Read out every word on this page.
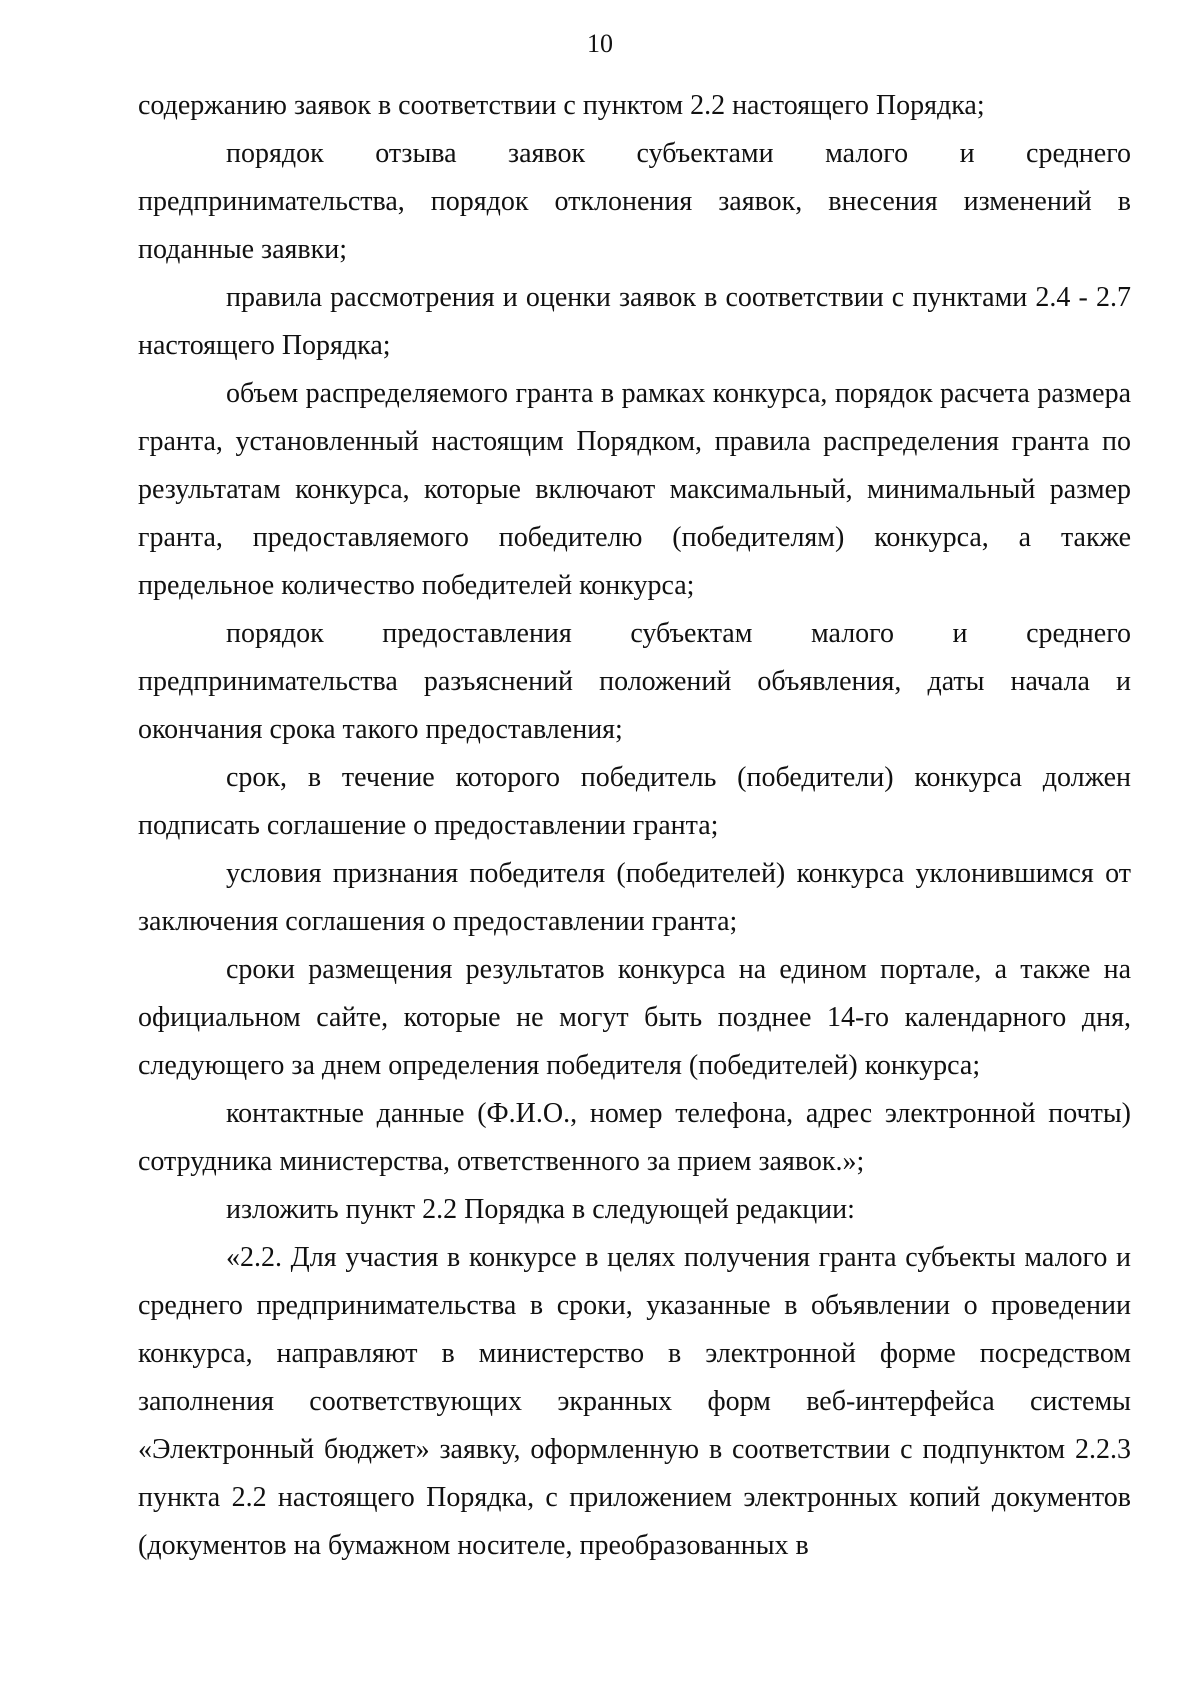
10

содержанию заявок в соответствии с пунктом 2.2 настоящего Порядка;

порядок отзыва заявок субъектами малого и среднего предпринимательства, порядок отклонения заявок, внесения изменений в поданные заявки;

правила рассмотрения и оценки заявок в соответствии с пунктами 2.4 - 2.7 настоящего Порядка;

объем распределяемого гранта в рамках конкурса, порядок расчета размера гранта, установленный настоящим Порядком, правила распределения гранта по результатам конкурса, которые включают максимальный, минимальный размер гранта, предоставляемого победителю (победителям) конкурса, а также предельное количество победителей конкурса;

порядок предоставления субъектам малого и среднего предпринимательства разъяснений положений объявления, даты начала и окончания срока такого предоставления;

срок, в течение которого победитель (победители) конкурса должен подписать соглашение о предоставлении гранта;

условия признания победителя (победителей) конкурса уклонившимся от заключения соглашения о предоставлении гранта;

сроки размещения результатов конкурса на едином портале, а также на официальном сайте, которые не могут быть позднее 14-го календарного дня, следующего за днем определения победителя (победителей) конкурса;

контактные данные (Ф.И.О., номер телефона, адрес электронной почты) сотрудника министерства, ответственного за прием заявок.»;

изложить пункт 2.2 Порядка в следующей редакции:

«2.2. Для участия в конкурсе в целях получения гранта субъекты малого и среднего предпринимательства в сроки, указанные в объявлении о проведении конкурса, направляют в министерство в электронной форме посредством заполнения соответствующих экранных форм веб-интерфейса системы «Электронный бюджет» заявку, оформленную в соответствии с подпунктом 2.2.3 пункта 2.2 настоящего Порядка, с приложением электронных копий документов (документов на бумажном носителе, преобразованных в
